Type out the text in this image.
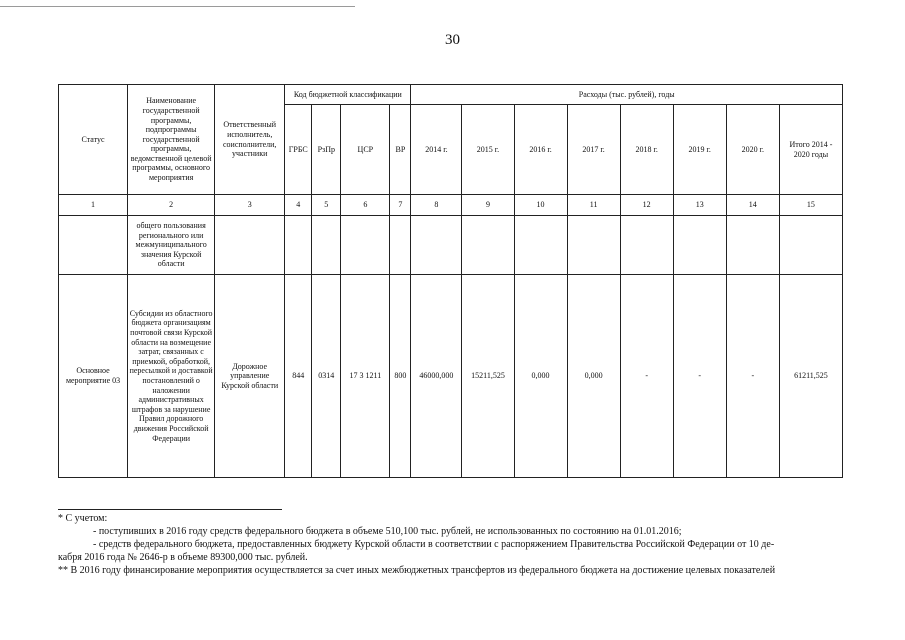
30
Статус	Наименование государственной программы, подпрограммы государственной программы, ведомственной целевой программы, основного мероприятия	Ответственный исполнитель, соисполнители, участники	Код бюджетной классификации				Расходы (тыс. рублей), годы							
			ГРБС	РзПр	ЦСР	ВР	2014 г.	2015 г.	2016 г.	2017 г.	2018 г.	2019 г.	2020 г.	Итого 2014 - 2020 годы
1	2	3	4	5	6	7	8	9	10	11	12	13	14	15
	общего пользования регионального или межмуниципального значения Курской области													
Основное мероприятие 03	Субсидии из областного бюджета организациям почтовой связи Курской области на возмещение затрат, связанных с приемкой, обработкой, пересылкой и доставкой постановлений о наложении административных штрафов за нарушение Правил дорожного движения Российской Федерации	Дорожное управление Курской области	844	0314	17 3 1211	800	46000,000	15211,525	0,000	0,000	-	-	-	61211,525

* С учетом:

- поступивших в 2016 году средств федерального бюджета в объеме 510,100 тыс. рублей, не использованных по состоянию на 01.01.2016;

- средств федерального бюджета, предоставленных бюджету Курской области в соответствии с распоряжением Правительства Российской Федерации от 10 де-

кабря 2016 года № 2646-р в объеме 89300,000 тыс. рублей.

** В 2016 году финансирование мероприятия осуществляется за счет иных межбюджетных трансфертов из федерального бюджета на достижение целевых показателей
